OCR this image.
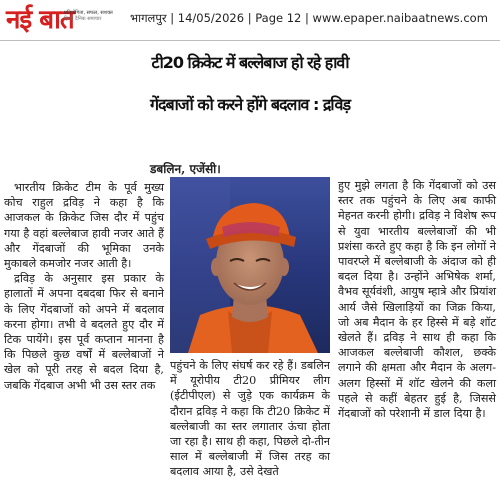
नई बात
प्रतियोगिता, सफल, सशक्त
हिन्दी दैनिक समाचार	भागलपुर | 14/05/2026 | Page 12 | www.epaper.naibaatnews.com
टी20 क्रिकेट में बल्लेबाज हो रहे हावी
गेंदबाजों को करने होंगे बदलाव : द्रविड़
डबलिन, एजेंसी।

भारतीय क्रिकेट टीम के पूर्व मुख्य कोच राहुल द्रविड़ ने कहा है कि आजकल के क्रिकेट जिस दौर में पहुंच गया है वहां बल्लेबाज हावी नजर आते हैं और गेंदबाजों की भूमिका उनके मुकाबले कमजोर नजर आती है।

द्रविड़ के अनुसार इस प्रकार के हालातों में अपना दबदबा फिर से बनाने के लिए गेंदबाजों को अपने में बदलाव करना होगा। तभी वे बदलते हुए दौर में टिक पायेंगे। इस पूर्व कप्तान मानना है कि पिछले कुछ वर्षों में बल्लेबाजों ने खेल को पूरी तरह से बदल दिया है, जबकि गेंदबाज अभी भी उस स्तर तक

पहुंचने के लिए संघर्ष कर रहे हैं। डबलिन में यूरोपीय टी20 प्रीमियर लीग (ईटीपीएल) से जुड़े एक कार्यक्रम के दौरान द्रविड़ ने कहा कि टी20 क्रिकेट में बल्लेबाजी का स्तर लगातार ऊंचा होता जा रहा है। साथ ही कहा, पिछले दो-तीन साल में बल्लेबाजी में जिस तरह का बदलाव आया है, उसे देखते

हुए मुझे लगता है कि गेंदबाजों को उस स्तर तक पहुंचने के लिए अब काफी मेहनत करनी होगी। द्रविड़ ने विशेष रूप से युवा भारतीय बल्लेबाजों की भी प्रशंसा करते हुए कहा है कि इन लोगों ने पावरप्ले में बल्लेबाजी के अंदाज को ही बदल दिया है। उन्होंने अभिषेक शर्मा, वैभव सूर्यवंशी, आयुष म्हात्रे और प्रियांश आर्य जैसे खिलाड़ियों का जिक्र किया, जो अब मैदान के हर हिस्से में बड़े शॉट खेलते हैं। द्रविड़ ने साथ ही कहा कि आजकल बल्लेबाजी कौशल, छक्के लगाने की क्षमता और मैदान के अलग-अलग हिस्सों में शॉट खेलने की कला पहले से कहीं बेहतर हुई है, जिससे गेंदबाजों को परेशानी में डाल दिया है।
